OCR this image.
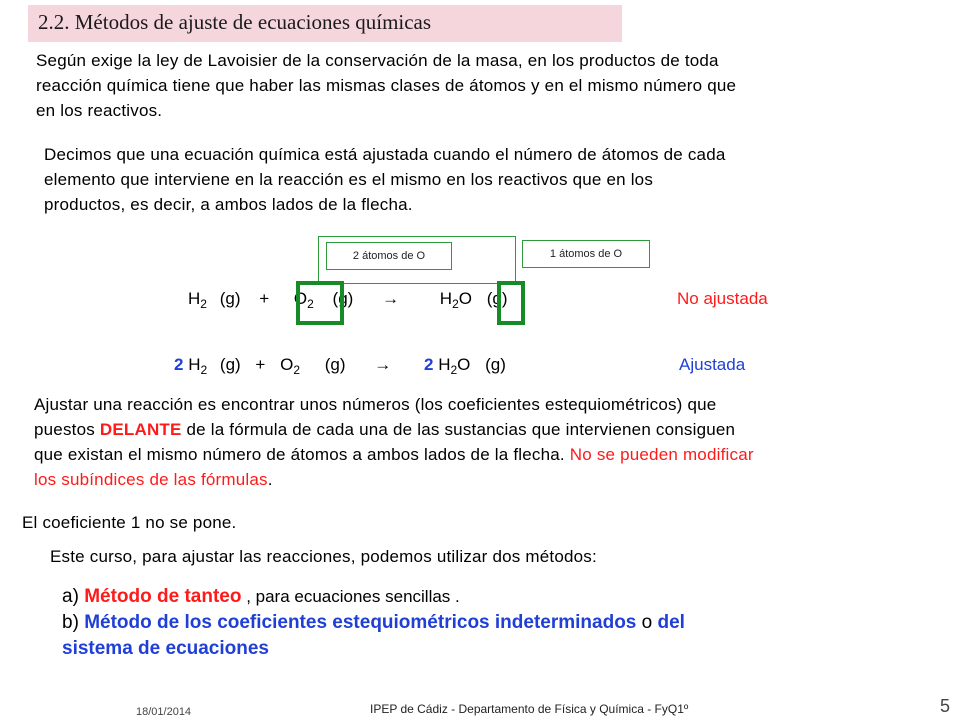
2.2. Métodos de ajuste de ecuaciones químicas
Según exige la ley de Lavoisier de la conservación de la masa, en los productos de toda
reacción química tiene que haber las mismas clases de átomos y en el mismo número que
en los reactivos.
Decimos que una ecuación química está ajustada cuando el número de átomos de cada
elemento que interviene en la reacción es el mismo en los reactivos que en los
productos, es decir, a ambos lados de la flecha.
2 átomos de O	1 átomos de O
$H_2$ $(g) + O_2$ $(g) \to H_2O$ (g)	No ajustada
2 $H_2$ $(g) + O_2$ (g) → 2 $H_2O$ (g)	Ajustada
Ajustar una reacción es encontrar unos números (los coeficientes estequiométricos) que
puestos DELANTE de la fórmula de cada una de las sustancias que intervienen consiguen
que existan el mismo número de átomos a ambos lados de la flecha. No se pueden modificar
los subíndices de las fórmulas.
El coeficiente 1 no se pone.
Este curso, para ajustar las reacciones, podemos utilizar dos métodos:
a) Método de tanteo , para ecuaciones sencillas .
b) Método de los coeficientes estequiométricos indeterminados o del
sistema de ecuaciones
18/01/2014	IPEP de Cádiz - Departamento de Física y Química - FyQ1º	5
